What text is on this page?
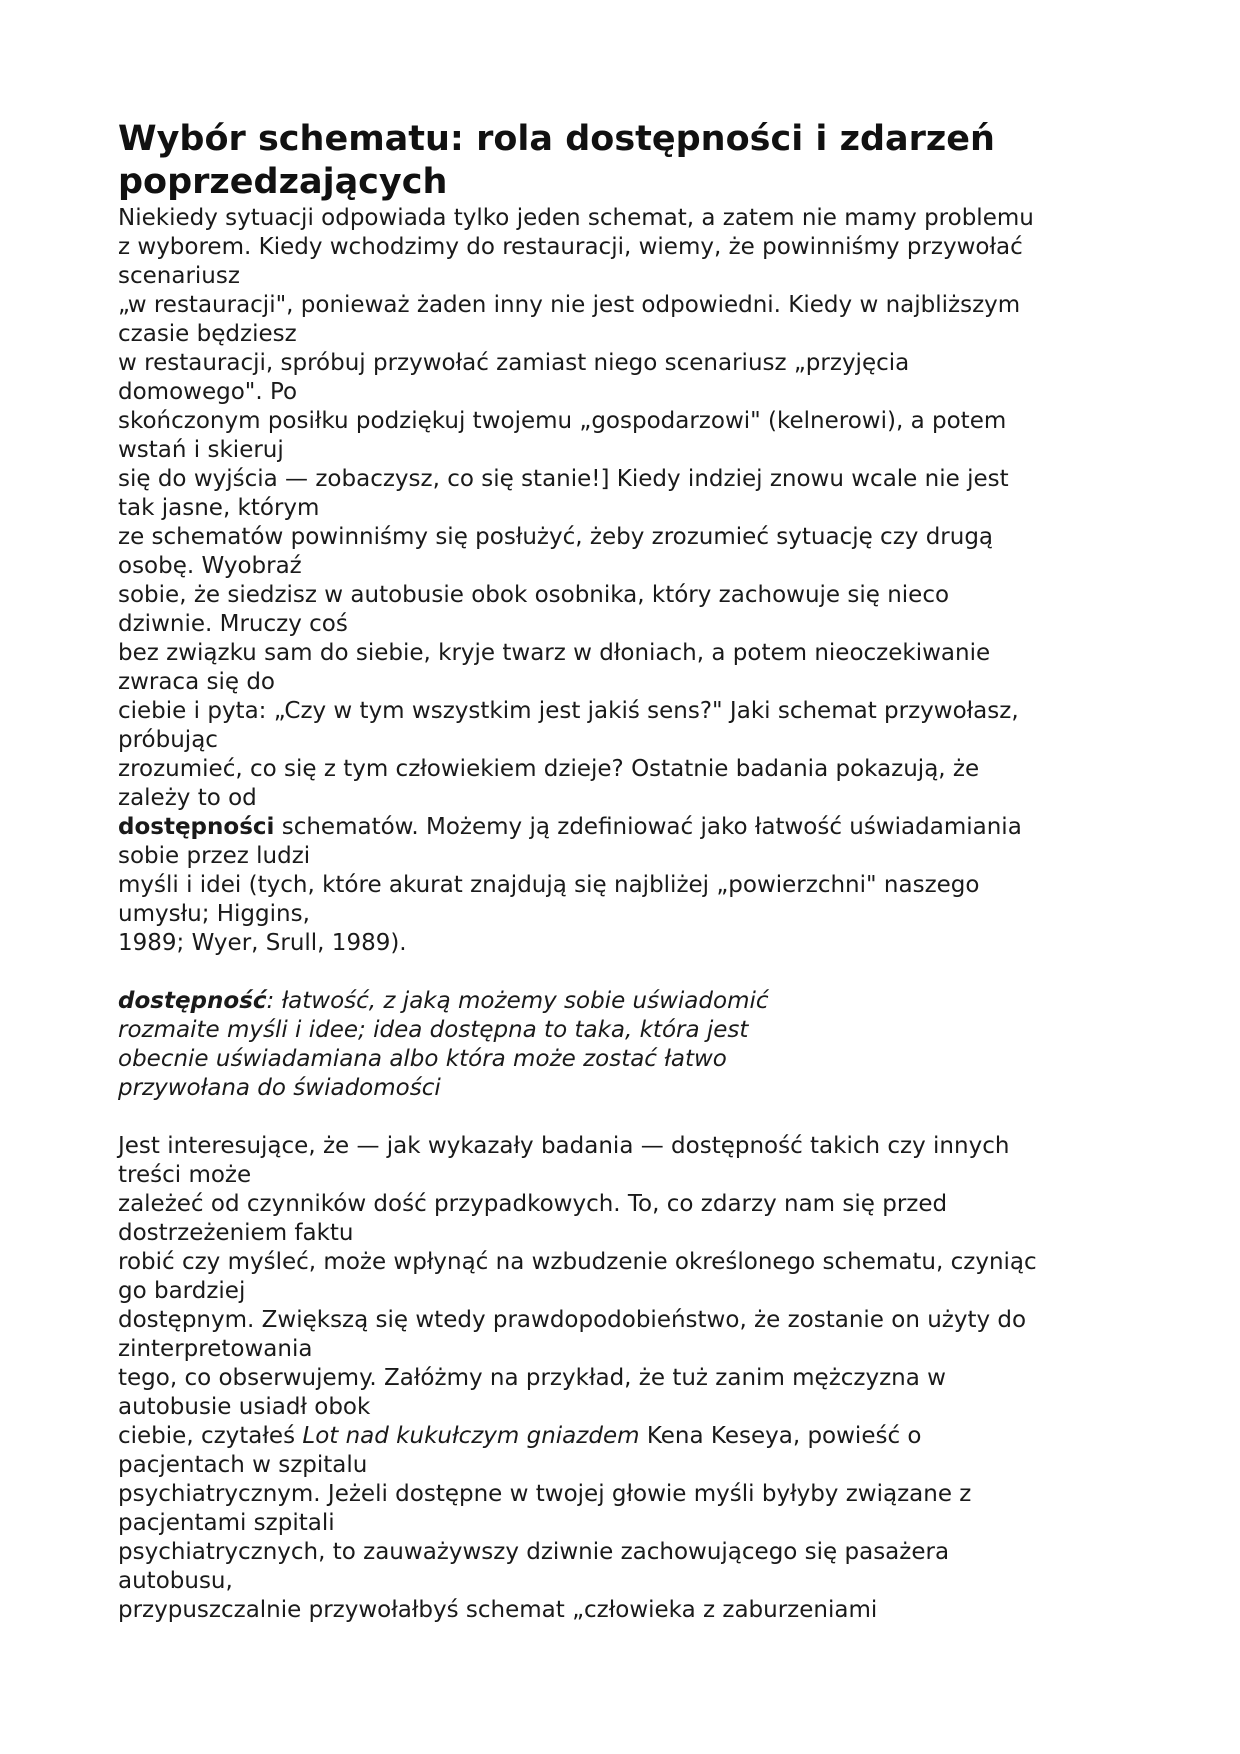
Wybór schematu: rola dostępności i zdarzeń
poprzedzających
Niekiedy sytuacji odpowiada tylko jeden schemat, a zatem nie mamy problemu
z wyborem. Kiedy wchodzimy do restauracji, wiemy, że powinniśmy przywołać
scenariusz
„w restauracji", ponieważ żaden inny nie jest odpowiedni. Kiedy w najbliższym
czasie będziesz
w restauracji, spróbuj przywołać zamiast niego scenariusz „przyjęcia
domowego". Po
skończonym posiłku podziękuj twojemu „gospodarzowi" (kelnerowi), a potem
wstań i skieruj
się do wyjścia — zobaczysz, co się stanie!] Kiedy indziej znowu wcale nie jest
tak jasne, którym
ze schematów powinniśmy się posłużyć, żeby zrozumieć sytuację czy drugą
osobę. Wyobraź
sobie, że siedzisz w autobusie obok osobnika, który zachowuje się nieco
dziwnie. Mruczy coś
bez związku sam do siebie, kryje twarz w dłoniach, a potem nieoczekiwanie
zwraca się do
ciebie i pyta: „Czy w tym wszystkim jest jakiś sens?" Jaki schemat przywołasz,
próbując
zrozumieć, co się z tym człowiekiem dzieje? Ostatnie badania pokazują, że
zależy to od
dostępności schematów. Możemy ją zdefiniować jako łatwość uświadamiania
sobie przez ludzi
myśli i idei (tych, które akurat znajdują się najbliżej „powierzchni" naszego
umysłu; Higgins,
1989; Wyer, Srull, 1989).
dostępność: łatwość, z jaką możemy sobie uświadomić
rozmaite myśli i idee; idea dostępna to taka, która jest
obecnie uświadamiana albo która może zostać łatwo
przywołana do świadomości
Jest interesujące, że — jak wykazały badania — dostępność takich czy innych
treści może
zależeć od czynników dość przypadkowych. To, co zdarzy nam się przed
dostrzeżeniem faktu
robić czy myśleć, może wpłynąć na wzbudzenie określonego schematu, czyniąc
go bardziej
dostępnym. Zwiększą się wtedy prawdopodobieństwo, że zostanie on użyty do
zinterpretowania
tego, co obserwujemy. Załóżmy na przykład, że tuż zanim mężczyzna w
autobusie usiadł obok
ciebie, czytałeś Lot nad kukułczym gniazdem Kena Keseya, powieść o
pacjentach w szpitalu
psychiatrycznym. Jeżeli dostępne w twojej głowie myśli byłyby związane z
pacjentami szpitali
psychiatrycznych, to zauważywszy dziwnie zachowującego się pasażera
autobusu,
przypuszczalnie przywołałbyś schemat „człowieka z zaburzeniami
